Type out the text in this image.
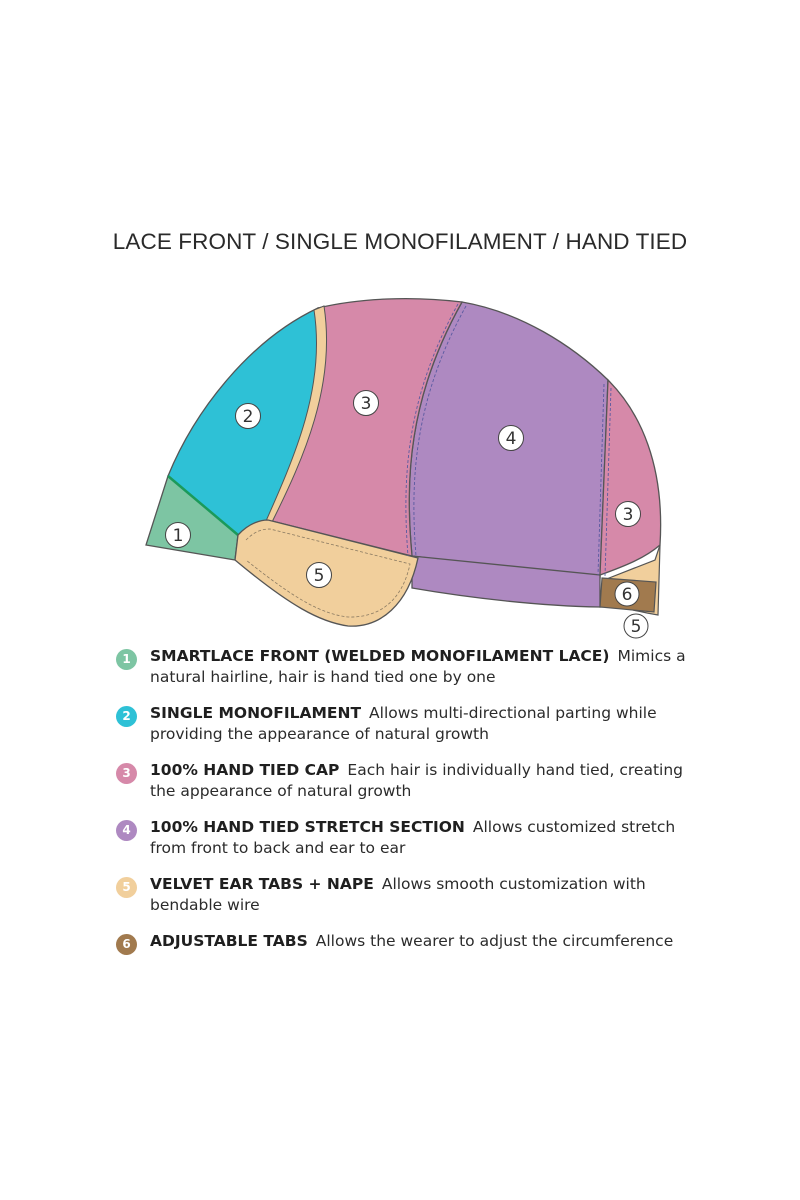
LACE FRONT / SINGLE MONOFILAMENT / HAND TIED
1
2
3
4
3
5
6
5
1	SMARTLACE FRONT (WELDED MONOFILAMENT LACE) Mimics a natural hairline, hair is hand tied one by one
2	SINGLE MONOFILAMENT Allows multi-directional parting while providing the appearance of natural growth
3	100% HAND TIED CAP Each hair is individually hand tied, creating the appearance of natural growth
4	100% HAND TIED STRETCH SECTION Allows customized stretch from front to back and ear to ear
5	VELVET EAR TABS + NAPE Allows smooth customization with bendable wire
6	ADJUSTABLE TABS Allows the wearer to adjust the circumference
